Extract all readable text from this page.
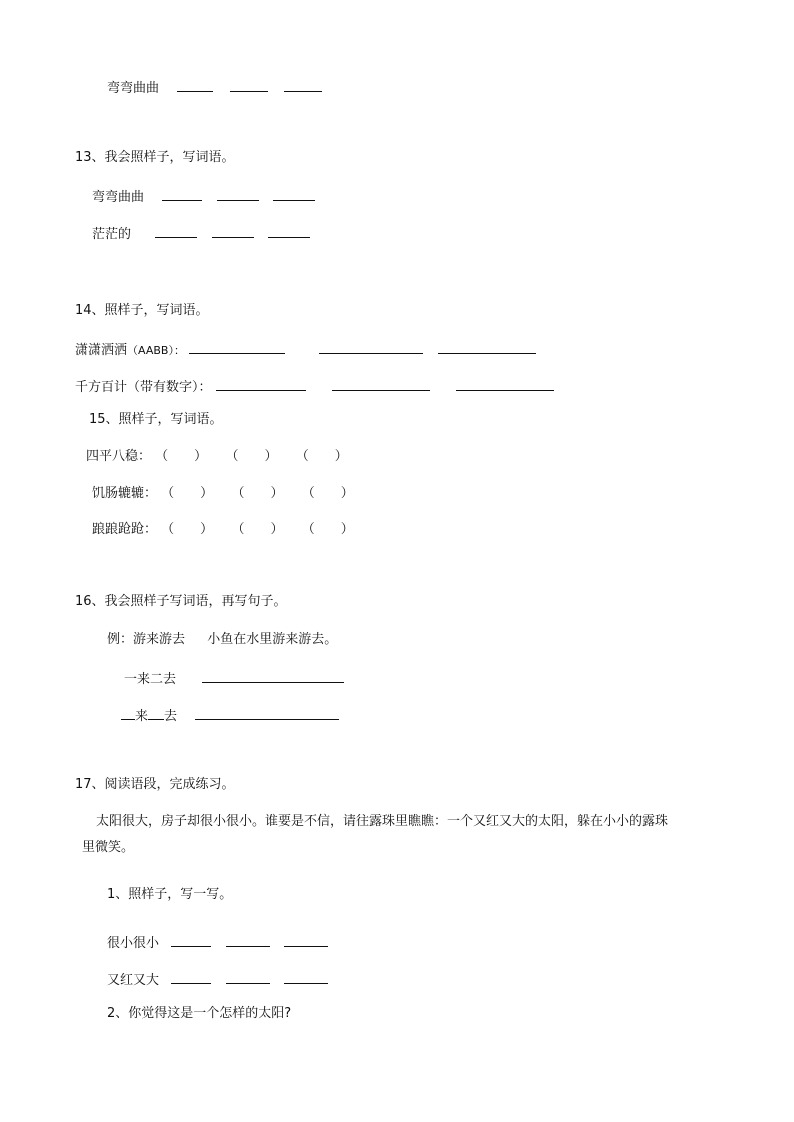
弯弯曲曲
13、我会照样子，写词语。
弯弯曲曲
茫茫的
14、照样子，写词语。
潇潇洒洒（AABB）：
千方百计（带有数字）：
15、照样子，写词语。
四平八稳： （　　） （　　） （　　）
饥肠辘辘： （　　） （　　） （　　）
踉踉跄跄： （　　） （　　） （　　）
16、我会照样子写词语，再写句子。
例：游来游去 小鱼在水里游来游去。
一来二去
来 去
17、阅读语段，完成练习。
太阳很大，房子却很小很小。谁要是不信，请往露珠里瞧瞧：一个又红又大的太阳，躲在小小的露珠
里微笑。
1、照样子，写一写。
很小很小
又红又大
2、你觉得这是一个怎样的太阳?
